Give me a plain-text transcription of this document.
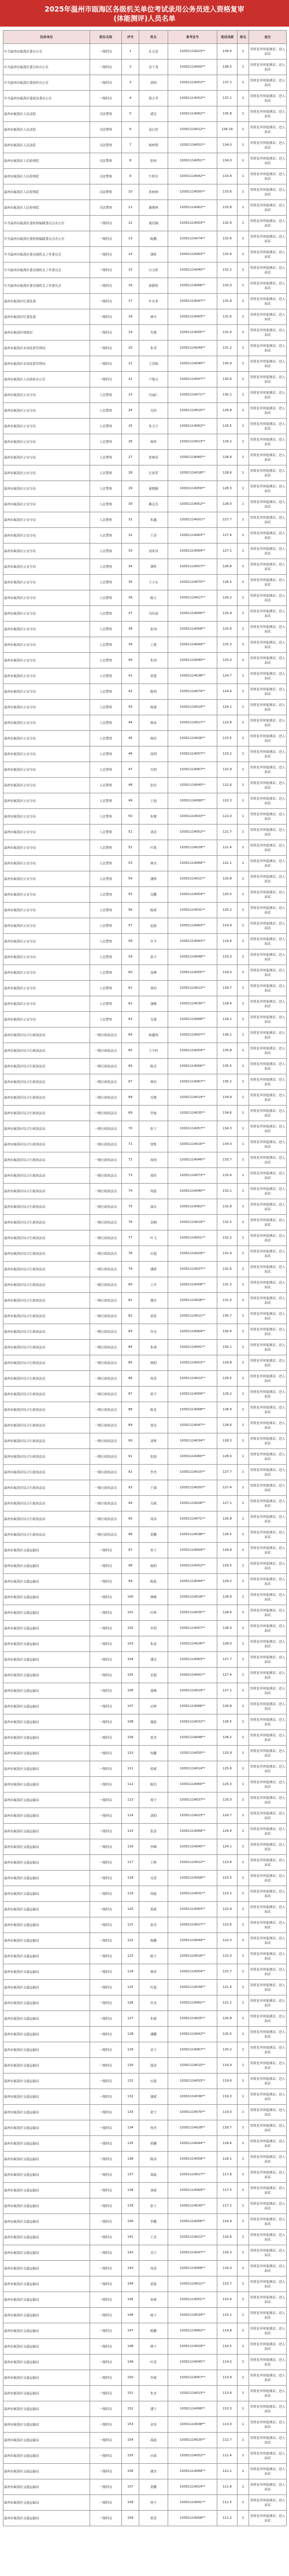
2025年温州市瓯海区各级机关单位考试录用公务员进入资格复审
(体能测评)人员名单
招录单位	职位名称	序号	姓名	准考证号	笔试成绩	排名	备注
中共温州市瓯海区委办公室	一级科员	1	孔凡清	10301114023**	139.4	1	资格复审体能测试、进入面试
中共温州市瓯海区委宣传办公室	一级科员	2	余千茂	10301114000**	138.5	1	资格复审体能测试、进入面试
中共温州市瓯海区委组织办公室	一级科员	3	徐柏	10301114052**	137.1	1	资格复审体能测试、进入面试
中共温州市瓯海区委政法委办公室	一级科员	4	蔡吉孝	10301114052**	137.1	1	资格复审体能测试、进入面试
温州市瓯海区人民法院	司法警察	5	褚克	10301114062**	135.8	1	资格复审体能测试、进入面试
温州市瓯海区人民法院	司法警察	6	袁启智	10301114012**	134.29	1	资格复审体能测试、进入面试
温州市瓯海区人民法院	司法警察	7	杨梓锋	10301114052**	134.0	1	资格复审体能测试、进入面试
温州市瓯海区人民检察院	司法警察	8	张柯	10301114051**	134.0	1	资格复审体能测试、进入面试
温州市瓯海区人民检察院	司法警察	9	牛明光	10301114042**	133.8	1	资格复审体能测试、进入面试
温州市瓯海区人民检察院	司法警察	10	张柏林	10301114050**	133.6	1	资格复审体能测试、进入面试
温州市瓯海区人民检察院	司法警察	11	谢俊林	10301114062**	133.8	1	资格复审体能测试、进入面试
中共温州市瓯海区委机构编制委员会办公室	一级科员	12	董佳颖	10301114003**	132.9	1	资格复审体能测试、进入面试
中共温州市瓯海区委机构编制委员会办公室	一级科员	13	陈鹏	10301114074**	132.6	1	资格复审体能测试、进入面试
中共温州市瓯海区委直属机关工作委员会	一级科员	14	钱昕	10301114063**	132.4	1	资格复审体能测试、进入面试
中共温州市瓯海区委直属机关工作委员会	一级科员	15	白文婷	10301114040**	132.2	1	资格复审体能测试、进入面试
中共温州市瓯海区委直属机关工作委员会	一级科员	16	游静怡	10301114066**	132.0	1	资格复审体能测试、进入面试
温州市瓯海区纪委监委	一级科员	17	叶宏菲	10301114047**	131.8	1	资格复审体能测试、进入面试
温州市瓯海区纪委监委	一级科员	18	林丹	10301114063**	131.6	1	资格复审体能测试、进入面试
温州市瓯海区财政局	一级科员	19	肖俊	10301114005**	131.4	1	资格复审体能测试、进入面试
温州市瓯海区市场监督管理局	一级科员	20	朱荣	10301114049**	131.2	1	资格复审体能测试、进入面试
温州市瓯海区市场监督管理局	一级科员	21	王语嫣	10301114040**	130.9	1	资格复审体能测试、进入面试
温州市瓯海区人民政府办公室	一级科员	22	卢锡文	10301114047**	130.6	1	资格复审体能测试、进入面试
温州市瓯海区公安分局	人民警察	23	冯福仁	10301114071**	130.1	1	资格复审体能测试、进入面试
温州市瓯海区公安分局	人民警察	24	吴浩	10301114015**	129.8	1	资格复审体能测试、进入面试
温州市瓯海区公安分局	人民警察	25	朱天宇	10301114062**	129.5	1	资格复审体能测试、进入面试
温州市瓯海区公安分局	人民警察	26	杨科	10301114013**	129.2	1	资格复审体能测试、进入面试
温州市瓯海区公安分局	人民警察	27	郭林涛	10301114060**	128.9	1	资格复审体能测试、进入面试
温州市瓯海区公安分局	人民警察	28	汪祖荣	10301114018**	128.6	1	资格复审体能测试、进入面试
温州市瓯海区公安分局	人民警察	29	董晓楠	10301114059**	128.3	1	资格复审体能测试、进入面试
温州市瓯海区公安分局	人民警察	30	戴克乐	10301114052**	128.0	1	资格复审体能测试、进入面试
温州市瓯海区公安分局	人民警察	31	朱鑫	10301114001**	127.7	1	资格复审体能测试、进入面试
温州市瓯海区公安分局	人民警察	32	王涛	10301114063**	127.4	1	资格复审体能测试、进入面试
温州市瓯海区公安分局	人民警察	33	刘景昂	10301114064**	127.1	1	资格复审体能测试、进入面试
温州市瓯海区公安分局	人民警察	34	谭科	10301114057**	126.8	1	资格复审体能测试、进入面试
温州市瓯海区公安分局	人民警察	35	王小东	10301114070**	126.5	1	资格复审体能测试、进入面试
温州市瓯海区公安分局	人民警察	36	陈正	10301114017**	126.2	1	资格复审体能测试、进入面试
温州市瓯海区公安分局	人民警察	37	冯佳豪	10301114000**	125.9	1	资格复审体能测试、进入面试
温州市瓯海区公安分局	人民警察	38	张国	10301114058**	125.6	1	资格复审体能测试、进入面试
温州市瓯海区公安分局	人民警察	39	王建	10301114049**	125.3	1	资格复审体能测试、进入面试
温州市瓯海区公安分局	人民警察	40	朱国	10301114040**	125.0	1	资格复审体能测试、进入面试
温州市瓯海区公安分局	人民警察	41	黄建	10301114038**	124.7	1	资格复审体能测试、进入面试
温州市瓯海区公安分局	人民警察	42	陈明	10301114074**	124.4	1	资格复审体能测试、进入面试
温州市瓯海区公安分局	人民警察	43	杨强	10301114014**	124.1	1	资格复审体能测试、进入面试
温州市瓯海区公安分局	人民警察	44	杨冰	10301114017**	123.8	1	资格复审体能测试、进入面试
温州市瓯海区公安分局	人民警察	45	杨浩	10301114026**	123.5	1	资格复审体能测试、进入面试
温州市瓯海区公安分局	人民警察	46	周明	10301114057**	123.2	1	资格复审体能测试、进入面试
温州市瓯海区公安分局	人民警察	47	吴明	10301114067**	122.9	1	资格复审体能测试、进入面试
温州市瓯海区公安分局	人民警察	48	张伟	10301114045**	122.6	1	资格复审体能测试、进入面试
温州市瓯海区公安分局	人民警察	49	王旭	10301114060**	122.3	1	资格复审体能测试、进入面试
温州市瓯海区公安分局	人民警察	50	朱俊	10301114033**	122.0	1	资格复审体能测试、进入面试
温州市瓯海区公安分局	人民警察	51	刘涛	10301114052**	121.7	1	资格复审体能测试、进入面试
温州市瓯海区公安分局	人民警察	52	叶凯	10301114029**	121.4	1	资格复审体能测试、进入面试
温州市瓯海区公安分局	人民警察	53	林杰	10301114069**	121.1	1	资格复审体能测试、进入面试
温州市瓯海区公安分局	人民警察	54	潘辉	10301114021**	120.8	1	资格复审体能测试、进入面试
温州市瓯海区公安分局	人民警察	55	吴鹏	10301114054**	120.5	1	资格复审体能测试、进入面试
温州市瓯海区公安分局	人民警察	56	陈斌	10301114031**	120.2	1	资格复审体能测试、进入面试
温州市瓯海区公安分局	人民警察	57	赵磊	10301114063**	119.9	1	资格复审体能测试、进入面试
温州市瓯海区公安分局	人民警察	58	许平	10301114043**	119.6	1	资格复审体能测试、进入面试
温州市瓯海区公安分局	人民警察	59	孙宇	10301114048**	119.3	1	资格复审体能测试、进入面试
温州市瓯海区公安分局	人民警察	60	高峰	10301114055**	119.0	1	资格复审体能测试、进入面试
温州市瓯海区公安分局	人民警察	61	郑浩	10301114012**	118.7	1	资格复审体能测试、进入面试
温州市瓯海区公安分局	人民警察	62	钱峰	10301114030**	118.4	1	资格复审体能测试、进入面试
温州市瓯海区公安分局	人民警察	63	吴强	10301114068**	118.1	1	资格复审体能测试、进入面试
温州市瓯海区综合行政执法局	一级行政执法员	64	杨鑫明	10301114007**	136.1	1	资格复审体能测试、进入面试
温州市瓯海区综合行政执法局	一级行政执法员	65	王宇轩	10301114054**	135.8	1	资格复审体能测试、进入面试
温州市瓯海区综合行政执法局	一级行政执法员	66	陈杰	10301114056**	135.5	1	资格复审体能测试、进入面试
温州市瓯海区综合行政执法局	一级行政执法员	67	林浩	10301114067**	135.2	1	资格复审体能测试、进入面试
温州市瓯海区综合行政执法局	一级行政执法员	68	吴俊	10301114014**	134.9	1	资格复审体能测试、进入面试
温州市瓯海区综合行政执法局	一级行政执法员	69	李波	10301114035**	134.6	1	资格复审体能测试、进入面试
温州市瓯海区综合行政执法局	一级行政执法员	70	张宁	10301114057**	134.3	1	资格复审体能测试、进入面试
温州市瓯海区综合行政执法局	一级行政执法员	71	徐凯	10301114016**	134.0	1	资格复审体能测试、进入面试
温州市瓯海区综合行政执法局	一级行政执法员	72	周扬	10301114046**	133.7	1	资格复审体能测试、进入面试
温州市瓯海区综合行政执法局	一级行政执法员	73	郑伟	10301114073**	133.4	1	资格复审体能测试、进入面试
温州市瓯海区综合行政执法局	一级行政执法员	74	何磊	10301114040**	133.1	1	资格复审体能测试、进入面试
温州市瓯海区综合行政执法局	一级行政执法员	75	邵东	10301114062**	132.8	1	资格复审体能测试、进入面试
温州市瓯海区综合行政执法局	一级行政执法员	76	金楠	10301114019**	132.5	1	资格复审体能测试、进入面试
温州市瓯海区综合行政执法局	一级行政执法员	77	叶飞	10301114051**	132.2	1	资格复审体能测试、进入面试
温州市瓯海区综合行政执法局	一级行政执法员	78	应超	10301114029**	131.9	1	资格复审体能测试、进入面试
温州市瓯海区综合行政执法局	一级行政执法员	79	潘斌	10301114037**	131.6	1	资格复审体能测试、进入面试
温州市瓯海区综合行政执法局	一级行政执法员	80	王丹	10301114058**	131.3	1	资格复审体能测试、进入面试
温州市瓯海区综合行政执法局	一级行政执法员	81	谢安	10301114026**	131.0	1	资格复审体能测试、进入面试
温州市瓯海区综合行政执法局	一级行政执法员	82	黄晨	10301114011**	130.7	1	资格复审体能测试、进入面试
温州市瓯海区综合行政执法局	一级行政执法员	83	许良	10301114064**	130.4	1	资格复审体能测试、进入面试
温州市瓯海区综合行政执法局	一级行政执法员	84	朱琪	10301114041**	130.1	1	资格复审体能测试、进入面试
温州市瓯海区综合行政执法局	一级行政执法员	85	林阳	10301114053**	129.8	1	资格复审体能测试、进入面试
温州市瓯海区综合行政执法局	一级行政执法员	86	何涛	10301114022**	129.5	1	资格复审体能测试、进入面试
温州市瓯海区综合行政执法局	一级行政执法员	87	蒋平	10301114009**	129.2	1	资格复审体能测试、进入面试
温州市瓯海区综合行政执法局	一级行政执法员	88	陈龙	10301114068**	128.9	1	资格复审体能测试、进入面试
温州市瓯海区综合行政执法局	一级行政执法员	89	郑亮	10301114047**	128.6	1	资格复审体能测试、进入面试
温州市瓯海区综合行政执法局	一级行政执法员	90	刘辉	10301114034**	128.3	1	资格复审体能测试、进入面试
温州市瓯海区综合行政执法局	一级行政执法员	91	张磊	10301114060**	128.0	1	资格复审体能测试、进入面试
温州市瓯海区综合行政执法局	一级行政执法员	92	李杰	10301114015**	127.7	1	资格复审体能测试、进入面试
温州市瓯海区综合行政执法局	一级行政执法员	93	王强	10301114050**	127.4	1	资格复审体能测试、进入面试
温州市瓯海区综合行政执法局	一级行政执法员	94	吴斌	10301114026**	127.1	1	资格复审体能测试、进入面试
温州市瓯海区综合行政执法局	一级行政执法员	95	周涛	10301114071**	126.8	1	资格复审体能测试、进入面试
温州市瓯海区综合行政执法局	一级行政执法员	96	黄鹏	10301114038**	126.5	1	资格复审体能测试、进入面试
温州市瓯海区交通运输局	一级科员	97	孙宁	10301114004**	129.8	1	资格复审体能测试、进入面试
温州市瓯海区交通运输局	一级科员	98	杨阳	10301114052**	129.5	1	资格复审体能测试、进入面试
温州市瓯海区交通运输局	一级科员	99	陈磊	10301114044**	129.2	1	资格复审体能测试、进入面试
温州市瓯海区交通运输局	一级科员	100	林峰	10301114018**	128.9	1	资格复审体能测试、进入面试
温州市瓯海区交通运输局	一级科员	101	叶辉	10301114035**	128.6	1	资格复审体能测试、进入面试
温州市瓯海区交通运输局	一级科员	102	许明	10301114057**	128.3	1	资格复审体能测试、进入面试
温州市瓯海区交通运输局	一级科员	103	朱涛	10301114026**	128.0	1	资格复审体能测试、进入面试
温州市瓯海区交通运输局	一级科员	104	潘亮	10301114063**	127.7	1	资格复审体能测试、进入面试
温州市瓯海区交通运输局	一级科员	105	金超	10301114041**	127.4	1	资格复审体能测试、进入面试
温州市瓯海区交通运输局	一级科员	106	邵峰	10301114019**	127.1	1	资格复审体能测试、进入面试
温州市瓯海区交通运输局	一级科员	107	应辉	10301114066**	126.8	1	资格复审体能测试、进入面试
温州市瓯海区交通运输局	一级科员	108	谢磊	10301114032**	126.5	1	资格复审体能测试、进入面试
温州市瓯海区交通运输局	一级科员	109	黄杰	10301114048**	126.2	1	资格复审体能测试、进入面试
温州市瓯海区交通运输局	一级科员	110	何鹏	10301114055**	125.9	1	资格复审体能测试、进入面试
温州市瓯海区交通运输局	一级科员	111	蒋斌	10301114014**	125.6	1	资格复审体能测试、进入面试
温州市瓯海区交通运输局	一级科员	112	陈浩	10301114060**	125.3	1	资格复审体能测试、进入面试
温州市瓯海区交通运输局	一级科员	113	郑宁	10301114037**	125.0	1	资格复审体能测试、进入面试
温州市瓯海区交通运输局	一级科员	114	刘阳	10301114023**	124.7	1	资格复审体能测试、进入面试
温州市瓯海区交通运输局	一级科员	115	张涛	10301114069**	124.4	1	资格复审体能测试、进入面试
温州市瓯海区交通运输局	一级科员	116	李峰	10301114045**	124.1	1	资格复审体能测试、进入面试
温州市瓯海区交通运输局	一级科员	117	王辉	10301114012**	123.8	1	资格复审体能测试、进入面试
温州市瓯海区交通运输局	一级科员	118	吴涛	10301114058**	123.5	1	资格复审体能测试、进入面试
温州市瓯海区交通运输局	一级科员	119	周磊	10301114031**	123.2	1	资格复审体能测试、进入面试
温州市瓯海区交通运输局	一级科员	120	黄斌	10301114063**	122.9	1	资格复审体能测试、进入面试
温州市瓯海区交通运输局	一级科员	121	孙杰	10301114027**	122.6	1	资格复审体能测试、进入面试
温州市瓯海区交通运输局	一级科员	122	杨鹏	10301114049**	122.3	1	资格复审体能测试、进入面试
温州市瓯海区交通运输局	一级科员	123	陈宁	10301114016**	122.0	1	资格复审体能测试、进入面试
温州市瓯海区交通运输局	一级科员	124	林涛	10301114054**	121.7	1	资格复审体能测试、进入面试
温州市瓯海区交通运输局	一级科员	125	叶磊	10301114039**	121.4	1	资格复审体能测试、进入面试
温州市瓯海区交通运输局	一级科员	126	许杰	10301114061**	121.1	1	资格复审体能测试、进入面试
温州市瓯海区交通运输局	一级科员	127	朱斌	10301114025**	120.8	1	资格复审体能测试、进入面试
温州市瓯海区交通运输局	一级科员	128	潘鹏	10301114042**	120.5	1	资格复审体能测试、进入面试
温州市瓯海区交通运输局	一级科员	129	金宁	10301114067**	120.2	1	资格复审体能测试、进入面试
温州市瓯海区交通运输局	一级科员	130	邵涛	10301114010**	119.9	1	资格复审体能测试、进入面试
温州市瓯海区交通运输局	一级科员	131	应磊	10301114053**	119.6	1	资格复审体能测试、进入面试
温州市瓯海区交通运输局	一级科员	132	谢斌	10301114036**	119.3	1	资格复审体能测试、进入面试
温州市瓯海区交通运输局	一级科员	133	黄宁	10301114070**	119.0	1	资格复审体能测试、进入面试
温州市瓯海区交通运输局	一级科员	134	何杰	10301114028**	118.7	1	资格复审体能测试、进入面试
温州市瓯海区交通运输局	一级科员	135	蒋鹏	10301114044**	118.4	1	资格复审体能测试、进入面试
温州市瓯海区交通运输局	一级科员	136	陈涛	10301114059**	118.1	1	资格复审体能测试、进入面试
温州市瓯海区交通运输局	一级科员	137	郑磊	10301114017**	117.8	1	资格复审体能测试、进入面试
温州市瓯海区交通运输局	一级科员	138	刘斌	10301114064**	117.5	1	资格复审体能测试、进入面试
温州市瓯海区交通运输局	一级科员	139	张宁	10301114030**	117.2	1	资格复审体能测试、进入面试
温州市瓯海区交通运输局	一级科员	140	李鹏	10301114056**	116.9	1	资格复审体能测试、进入面试
温州市瓯海区交通运输局	一级科员	141	王杰	10301114022**	116.6	1	资格复审体能测试、进入面试
温州市瓯海区交通运输局	一级科员	142	吴宁	10301114047**	116.3	1	资格复审体能测试、进入面试
温州市瓯海区交通运输局	一级科员	143	周涛	10301114068**	116.0	1	资格复审体能测试、进入面试
温州市瓯海区交通运输局	一级科员	144	黄磊	10301114011**	115.7	1	资格复审体能测试、进入面试
温州市瓯海区交通运输局	一级科员	145	孙斌	10301114051**	115.4	1	资格复审体能测试、进入面试
温州市瓯海区交通运输局	一级科员	146	杨宁	10301114034**	115.1	1	资格复审体能测试、进入面试
温州市瓯海区交通运输局	一级科员	147	陈鹏	10301114062**	114.8	1	资格复审体能测试、进入面试
温州市瓯海区交通运输局	一级科员	148	林宁	10301114029**	114.5	1	资格复审体能测试、进入面试
温州市瓯海区交通运输局	一级科员	149	叶涛	10301114045**	114.2	1	资格复审体能测试、进入面试
温州市瓯海区交通运输局	一级科员	150	许斌	10301114057**	113.9	1	资格复审体能测试、进入面试
温州市瓯海区交通运输局	一级科员	151	朱杰	10301114013**	113.6	1	资格复审体能测试、进入面试
温州市瓯海区交通运输局	一级科员	152	潘宁	10301114066**	113.3	1	资格复审体能测试、进入面试
温州市瓯海区交通运输局	一级科员	153	金涛	10301114038**	113.0	1	资格复审体能测试、进入面试
温州市瓯海区交通运输局	一级科员	154	邵磊	10301114020**	112.7	1	资格复审体能测试、进入面试
温州市瓯海区交通运输局	一级科员	155	应斌	10301114052**	112.4	1	资格复审体能测试、进入面试
温州市瓯海区交通运输局	一级科员	156	谢杰	10301114069**	112.1	1	资格复审体能测试、进入面试
温州市瓯海区交通运输局	一级科员	157	黄鹏	10301114024**	111.8	1	资格复审体能测试、进入面试
温州市瓯海区交通运输局	一级科员	158	何宁	10301114041**	111.5	1	资格复审体能测试、进入面试
温州市瓯海区交通运输局	一级科员	159	蒋涛	10301114058**	111.2	1	资格复审体能测试、进入面试
